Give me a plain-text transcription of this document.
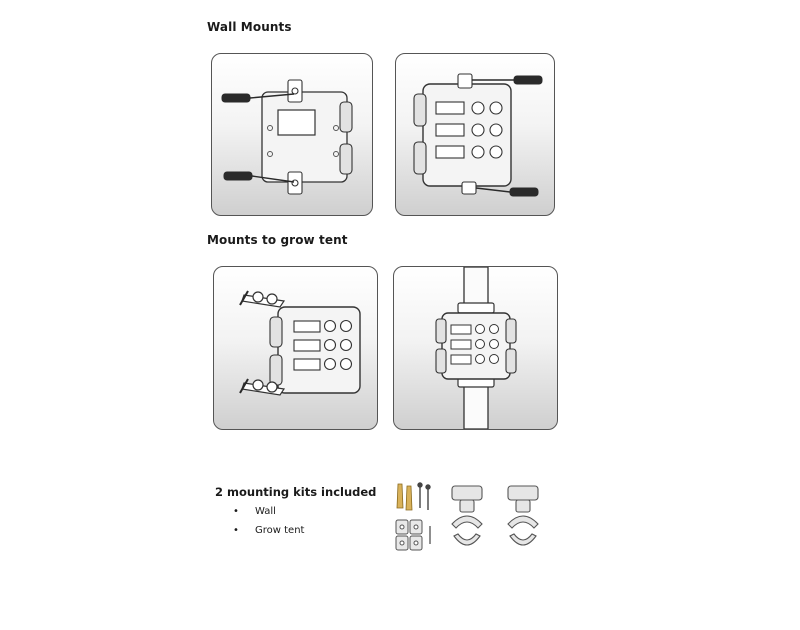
Wall Mounts
Mounts to grow tent
2 mounting kits included
• Wall
• Grow tent
